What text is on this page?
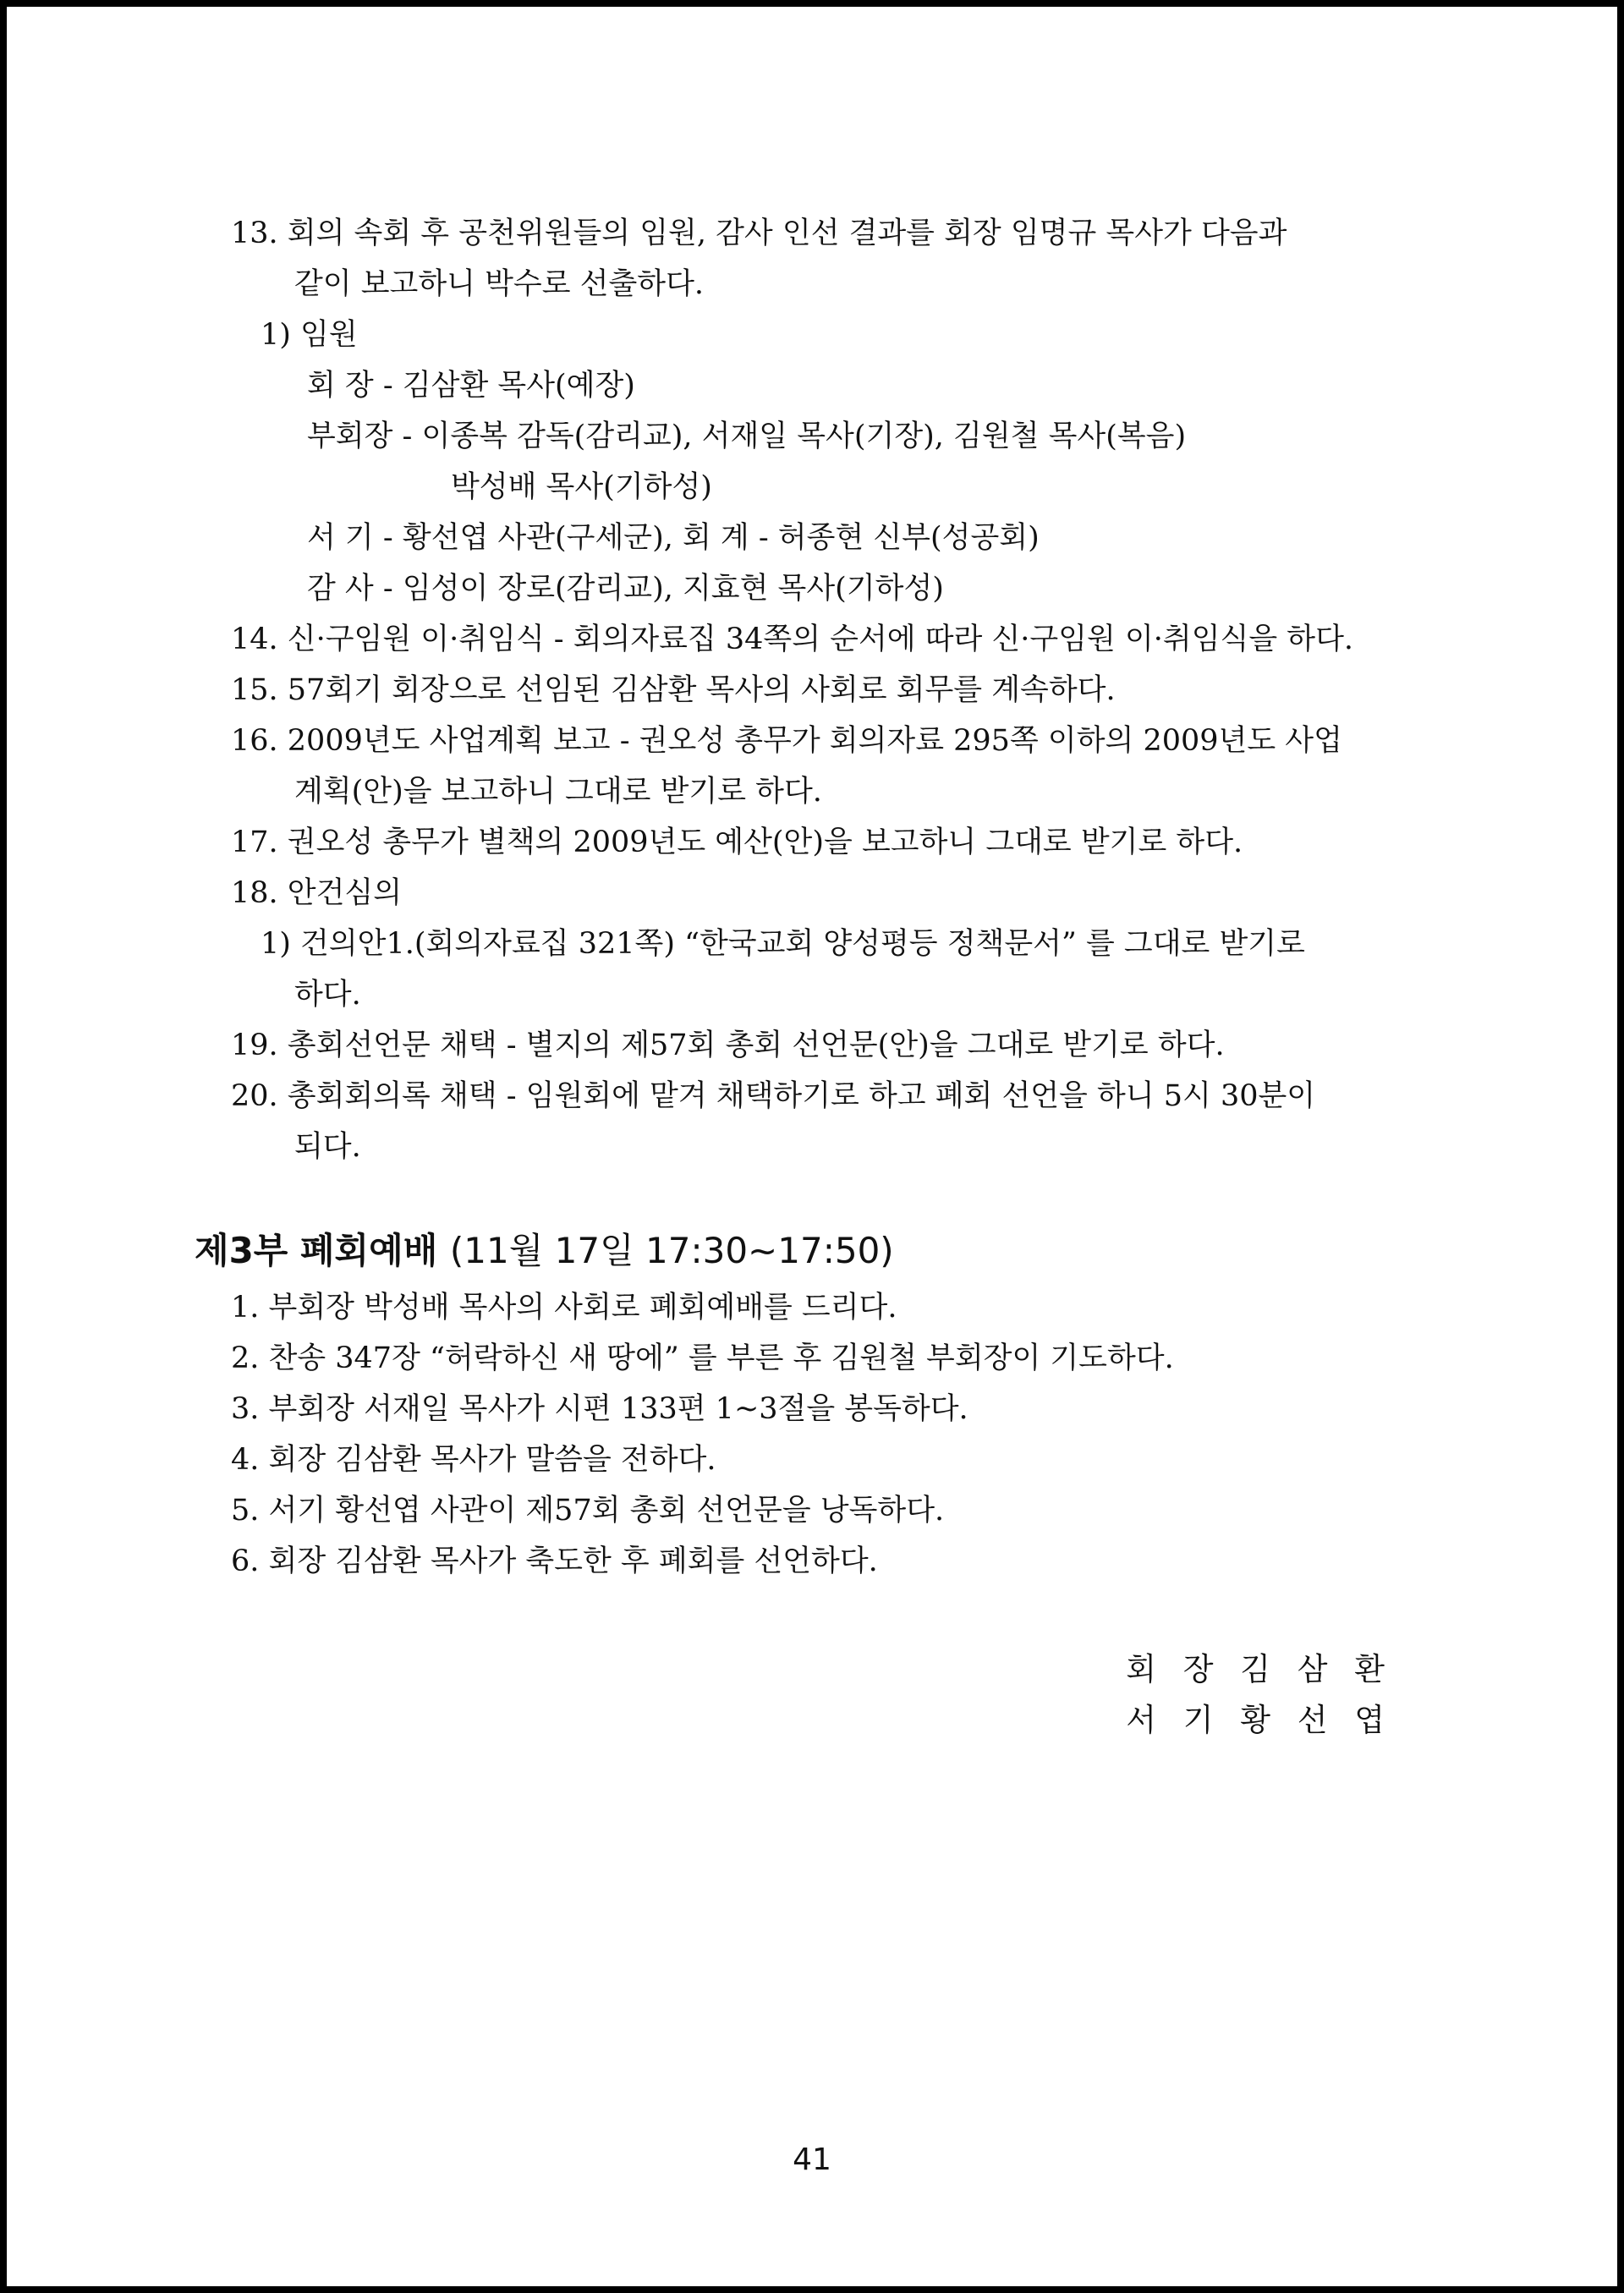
13. 회의 속회 후 공천위원들의 임원, 감사 인선 결과를 회장 임명규 목사가 다음과
같이 보고하니 박수로 선출하다.
1) 임원
회 장 - 김삼환 목사(예장)
부회장 - 이종복 감독(감리교), 서재일 목사(기장), 김원철 목사(복음)
박성배 목사(기하성)
서 기 - 황선엽 사관(구세군), 회 계 - 허종현 신부(성공회)
감 사 - 임성이 장로(감리교), 지효현 목사(기하성)
14. 신·구임원 이·취임식 - 회의자료집 34쪽의 순서에 따라 신·구임원 이·취임식을 하다.
15. 57회기 회장으로 선임된 김삼환 목사의 사회로 회무를 계속하다.
16. 2009년도 사업계획 보고 - 권오성 총무가 회의자료 295쪽 이하의 2009년도 사업
계획(안)을 보고하니 그대로 받기로 하다.
17. 권오성 총무가 별책의 2009년도 예산(안)을 보고하니 그대로 받기로 하다.
18. 안건심의
1) 건의안1.(회의자료집 321쪽) “한국교회 양성평등 정책문서” 를 그대로 받기로
하다.
19. 총회선언문 채택 - 별지의 제57회 총회 선언문(안)을 그대로 받기로 하다.
20. 총회회의록 채택 - 임원회에 맡겨 채택하기로 하고 폐회 선언을 하니 5시 30분이
되다.
제3부 폐회예배 (11월 17일 17:30~17:50)
1. 부회장 박성배 목사의 사회로 폐회예배를 드리다.
2. 찬송 347장 “허락하신 새 땅에” 를 부른 후 김원철 부회장이 기도하다.
3. 부회장 서재일 목사가 시편 133편 1~3절을 봉독하다.
4. 회장 김삼환 목사가 말씀을 전하다.
5. 서기 황선엽 사관이 제57회 총회 선언문을 낭독하다.
6. 회장 김삼환 목사가 축도한 후 폐회를 선언하다.
회 장 김 삼 환
서 기 황 선 엽
41
